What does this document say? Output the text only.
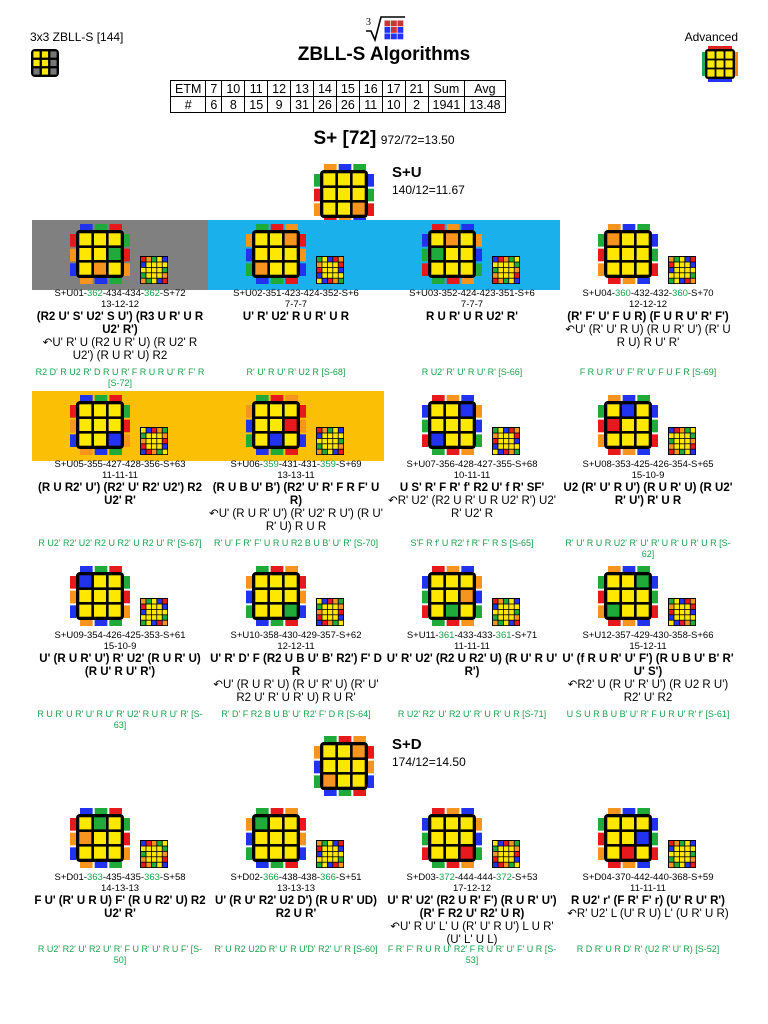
3x3 ZBLL-S [144]
3
ZBLL-S Algorithms
Advanced
ETM	7	10	11	12	13	14	15	16	17	21	Sum	Avg
#	6	8	15	9	31	26	26	11	10	2	1941	13.48
S+ [72] 972/72=13.50
S+U
140/12=11.67
S+D
174/12=14.50
S+U01-362-434-434-362-S+72
13-12-12
(R2 U' S' U2' S U') (R3 U R' U R U2' R')
↶U' R' U (R2 U R' U) (R U2' R U2') (R U R' U) R2
R2 D' R U2 R' D R U R' F R U R U' R' F' R [S-72]
S+U02-351-423-424-352-S+6
7-7-7
U' R' U2' R U R' U R
R' U' R U' R' U2 R [S-68]
S+U03-352-424-423-351-S+6
7-7-7
R U R' U R U2' R'
R U2' R' U' R U' R' [S-66]
S+U04-360-432-432-360-S+70
12-12-12
(R' F' U' F U R) (F U R U' R' F')
↶U' (R' U' R U) (R U R' U') (R' U R U) R U' R'
F R U R' U' F' R' U' F U F R [S-69]
S+U05-355-427-428-356-S+63
11-11-11
(R U R2' U') (R2' U' R2' U2') R2 U2' R'
R U2' R2' U2' R2 U R2' U R2 U' R' [S-67]
S+U06-359-431-431-359-S+69
13-13-11
(R U B U' B') (R2' U' R' F R F' U R)
↶U' (R U R' U') (R' U2' R U') (R U' R' U) R U R
R' U' F R' F' U R U R2 B U B' U' R' [S-70]
S+U07-356-428-427-355-S+68
10-11-11
U S' R' F R' f' R2 U' f R' SF'
↶R' U2' (R2 U R' U R U2' R') U2' R' U2' R
S'F R f' U R2' f R' F' R S [S-65]
S+U08-353-425-426-354-S+65
15-10-9
U2 (R' U' R U') (R U R' U) (R U2' R' U') R' U R
R' U' R U R U2' R' U' R' U R' U R' U R [S-62]
S+U09-354-426-425-353-S+61
15-10-9
U' (R U R' U') R' U2' (R U R' U) (R U' R U' R')
R U R' U R' U' R U' R' U2' R U R U' R' [S-63]
S+U10-358-430-429-357-S+62
12-12-11
U' R' D' F (R2 U B U' B' R2') F' D R
↶U' (R U R' U) (R U' R' U) (R' U' R2 U' R' U R' U) R U R'
R' D' F R2 B U B' U' R2' F' D R [S-64]
S+U11-361-433-433-361-S+71
11-11-11
U' R' U2' (R2 U R2' U) (R U' R U' R')
R U2' R2' U' R2 U' R' U R' U R [S-71]
S+U12-357-429-430-358-S+66
15-12-11
U' (f R U R' U' F') (R U B U' B' R' U' S')
↶R2' U (R U' R' U') (R U2 R U') R2' U' R2
U S U R B U B' U' R' F U R U' R' f' [S-61]
S+D01-363-435-435-363-S+58
14-13-13
F U' (R' U R U) F' (R U R2' U) R2 U2' R'
R U2' R2' U' R2 U' R' F U R' U' R U F' [S-50]
S+D02-366-438-438-366-S+51
13-13-13
U' (R U' R2' U2 D') (R U R' UD) R2 U R'
R' U R2 U2D R' U' R U'D' R2' U' R [S-60]
S+D03-372-444-444-372-S+53
17-12-12
U' R' U2' (R2 U R' F') (R U R' U') (R' F R2 U' R2' U R)
↶U' R U' L' U (R' U' R U') L U R' (U' L' U L)
F R' F' R U R U' R2' F R U R' U' F' U R [S-53]
S+D04-370-442-440-368-S+59
11-11-11
R U2' r' (F R' F' r) (U' R U' R')
↶R' U2' L (U' R U) L' (U R' U R)
R D R' U R D' R' (U2 R' U' R) [S-52]
